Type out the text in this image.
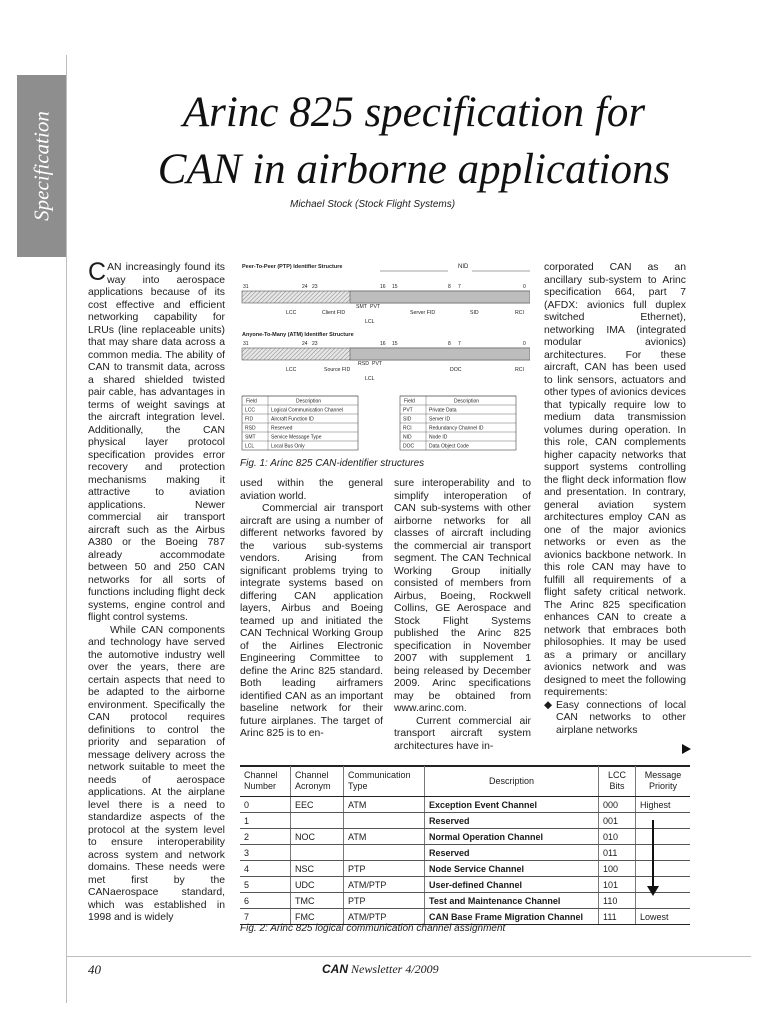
Specification	Arinc 825 specification for
CAN in airborne applications
Michael Stock (Stock Flight Systems)

CAN increasingly found its way into aerospace applications because of its cost effective and efficient networking capability for LRUs (line replaceable units) that may share data across a common media. The ability of CAN to transmit data, across a shared shielded twisted pair cable, has advantages in terms of weight savings at the aircraft integration level. Additionally, the CAN physical layer protocol specification provides error recovery and protection mechanisms making it attractive to aviation applications. Newer commercial air transport aircraft such as the Airbus A380 or the Boeing 787 already accommodate between 50 and 250 CAN networks for all sorts of functions including flight deck systems, engine control and flight control systems.

While CAN components and technology have served the automotive industry well over the years, there are certain aspects that need to be adapted to the airborne environment. Specifically the CAN protocol requires definitions to control the priority and separation of message delivery across the network suitable to meet the needs of aerospace applications. At the airplane level there is a need to standardize aspects of the protocol at the system level to ensure interoperability across system and network domains. These needs were met first by the CANaerospace standard, which was established in 1998 and is widely

Peer-To-Peer (PTP) Identifier Structure	NID
31	24 23	16 15	8 7	0
LCC	Client FID
SMT PVT
Server FID	SID	RCI
LCL
Anyone-To-Many (ATM) Identifier Structure
31	24 23	16 15	8 7	0
LCC	Source FID
RSD PVT
DOC	RCI
LCL
Field	Description
LCC	Logical Communication Channel
FID	Aircraft Function ID
RSD	Reserved
SMT	Service Message Type
LCL	Local Bus Only
Field	Description
PVT	Private Data
SID	Server ID
RCI	Redundancy Channel ID
NID	Node ID
DOC	Data Object Code
Fig. 1: Arinc 825 CAN-identifier structures

used within the general aviation world.

Commercial air transport aircraft are using a number of different networks favored by the various sub-systems vendors. Arising from significant problems trying to integrate systems based on differing CAN application layers, Airbus and Boeing teamed up and initiated the CAN Technical Working Group of the Airlines Electronic Engineering Committee to define the Arinc 825 standard. Both leading airframers identified CAN as an important baseline network for their future airplanes. The target of Arinc 825 is to en-

sure interoperability and to simplify interoperation of CAN sub-systems with other airborne networks for all classes of aircraft including the commercial air transport segment. The CAN Technical Working Group initially consisted of members from Airbus, Boeing, Rockwell Collins, GE Aerospace and Stock Flight Systems published the Arinc 825 specification in November 2007 with supplement 1 being released by December 2009. Arinc specifications may be obtained from www.arinc.com.

Current commercial air transport aircraft system architectures have in-

corporated CAN as an ancillary sub-system to Arinc specification 664, part 7 (AFDX: avionics full duplex switched Ethernet), networking IMA (integrated modular avionics) architectures. For these aircraft, CAN has been used to link sensors, actuators and other types of avionics devices that typically require low to medium data transmission volumes during operation. In this role, CAN complements higher capacity networks that support systems controlling the flight deck information flow and presentation. In contrary, general aviation system architectures employ CAN as one of the major avionics networks or even as the avionics backbone network. In this role CAN may have to fulfill all requirements of a flight safety critical network. The Arinc 825 specification enhances CAN to create a network that embraces both philosophies. It may be used as a primary or ancillary avionics network and was designed to meet the following requirements:

◆ Easy connections of local CAN networks to other airplane networks
Channel Number	Channel Acronym	Communication Type	Description	LCC Bits	Message Priority
0	EEC	ATM	Exception Event Channel	000	Highest
1			Reserved	001	
2	NOC	ATM	Normal Operation Channel	010	
3			Reserved	011	
4	NSC	PTP	Node Service Channel	100	
5	UDC	ATM/PTP	User-defined Channel	101	
6	TMC	PTP	Test and Maintenance Channel	110	
7	FMC	ATM/PTP	CAN Base Frame Migration Channel	111	Lowest
Fig. 2: Arinc 825 logical communication channel assignment
40	CAN Newsletter 4/2009
